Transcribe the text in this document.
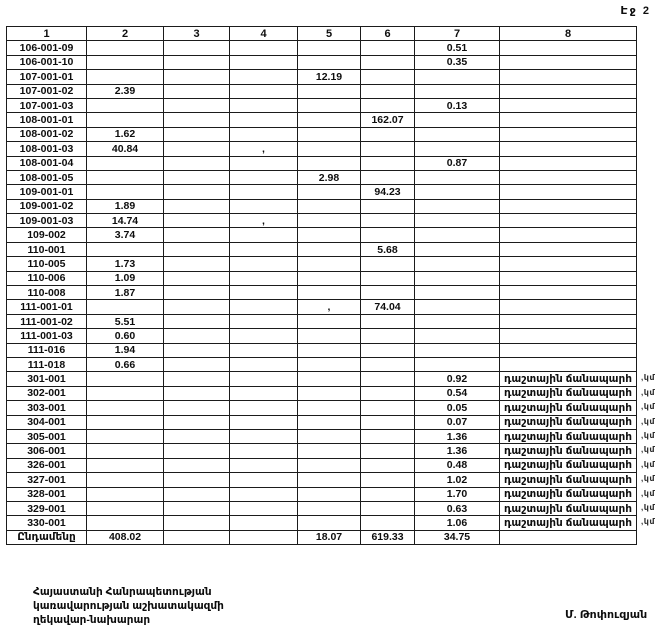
Էջ 2
1	2	3	4	5	6	7	8
106-001-09						0.51	
106-001-10						0.35	
107-001-01				12.19			
107-001-02	2.39						
107-001-03						0.13	
108-001-01					162.07		
108-001-02	1.62						
108-001-03	40.84		,				
108-001-04						0.87	
108-001-05				2.98			
109-001-01					94.23		
109-001-02	1.89						
109-001-03	14.74		,				
109-002	3.74						
110-001					5.68		
110-005	1.73						
110-006	1.09						
110-008	1.87						
111-001-01				,	74.04		
111-001-02	5.51						
111-001-03	0.60						
111-016	1.94						
111-018	0.66						
301-001						0.92	դաշտային ճանապարհ ,կմ

302-001						0.54	դաշտային ճանապարհ ,կմ

303-001						0.05	դաշտային ճանապարհ ,կմ

304-001						0.07	դաշտային ճանապարհ ,կմ

305-001						1.36	դաշտային ճանապարհ ,կմ

306-001						1.36	դաշտային ճանապարհ ,կմ

326-001						0.48	դաշտային ճանապարհ ,կմ

327-001						1.02	դաշտային ճանապարհ ,կմ

328-001						1.70	դաշտային ճանապարհ ,կմ

329-001						0.63	դաշտային ճանապարհ ,կմ

330-001						1.06	դաշտային ճանապարհ ,կմ

Ընդամենը	408.02			18.07	619.33	34.75	
Հայաստանի Հանրապետության
կառավարության աշխատակազմի
ղեկավար-նախարար	Մ. Թոփուզյան
